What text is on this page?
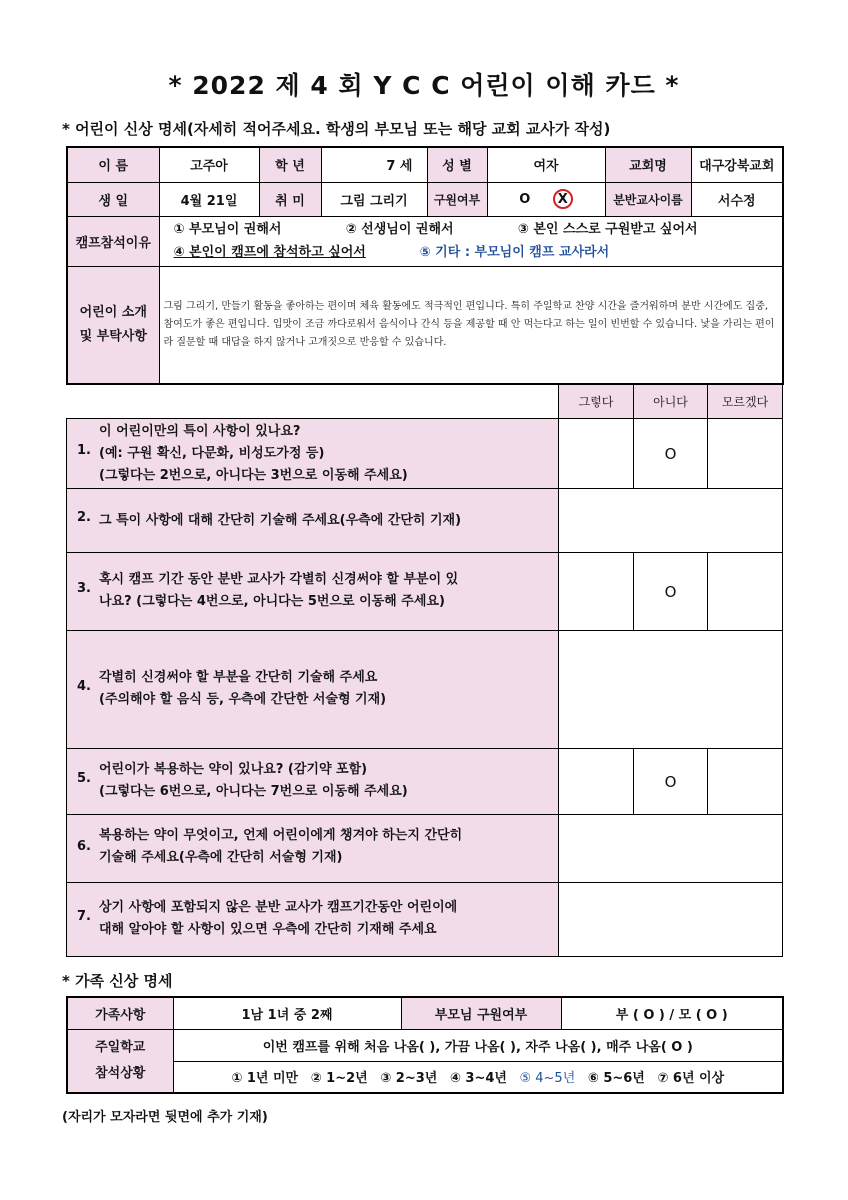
* 2022 제 4 회 Y C C 어린이 이해 카드 *
* 어린이 신상 명세(자세히 적어주세요. 학생의 부모님 또는 해당 교회 교사가 작성)
이 름	고주아	학 년	7 세	성 별	여자	교회명	대구강북교회
생 일	4월 21일	취 미	그림 그리기	구원여부	O X	분반교사이름	서수정
캠프참석이유	① 부모님이 권해서 ② 선생님이 권해서 ③ 본인 스스로 구원받고 싶어서
④ 본인이 캠프에 참석하고 싶어서 ⑤ 기타 : 부모님이 캠프 교사라서						

어린이 소개
및 부탁사항	그림 그리기, 만들기 활동을 좋아하는 편이며 체육 활동에도 적극적인 편입니다. 특히 주일학교 찬양 시간을 즐거워하며 분반 시간에도 집중, 참여도가 좋은 편입니다. 입맛이 조금 까다로워서 음식이나 간식 등을 제공할 때 안 먹는다고 하는 일이 빈번할 수 있습니다. 낯을 가리는 편이라 질문할 때 대답을 하지 않거나 고개짓으로 반응할 수 있습니다.						
	그렇다	아니다	모르겠다

1.
이 어린이만의 특이 사항이 있나요?
(예: 구원 확신, 다문화, 비성도가정 등)
(그렇다는 2번으로, 아니다는 3번으로 이동해 주세요)		O	

2. 그 특이 사항에 대해 간단히 기술해 주세요(우측에 간단히 기재)			

3.
혹시 캠프 기간 동안 분반 교사가 각별히 신경써야 할 부분이 있
나요? (그렇다는 4번으로, 아니다는 5번으로 이동해 주세요)		O	

4.
각별히 신경써야 할 부분을 간단히 기술해 주세요
(주의해야 할 음식 등, 우측에 간단한 서술형 기재)			

5.
어린이가 복용하는 약이 있나요? (감기약 포함)
(그렇다는 6번으로, 아니다는 7번으로 이동해 주세요)		O	

6.
복용하는 약이 무엇이고, 언제 어린이에게 챙겨야 하는지 간단히
기술해 주세요(우측에 간단히 서술형 기재)			

7.
상기 사항에 포함되지 않은 분반 교사가 캠프기간동안 어린이에
대해 알아야 할 사항이 있으면 우측에 간단히 기재해 주세요			

* 가족 신상 명세
가족사항	1남 1녀 중 2째	부모님 구원여부	부 ( O ) / 모 ( O )

주일학교
참석상황	이번 캠프를 위해 처음 나옴( ), 가끔 나옴( ), 자주 나옴( ), 매주 나옴( O )		
	① 1년 미만 ② 1~2년 ③ 2~3년 ④ 3~4년 ⑤ 4~5년 ⑥ 5~6년 ⑦ 6년 이상		
(자리가 모자라면 뒷면에 추가 기재)
